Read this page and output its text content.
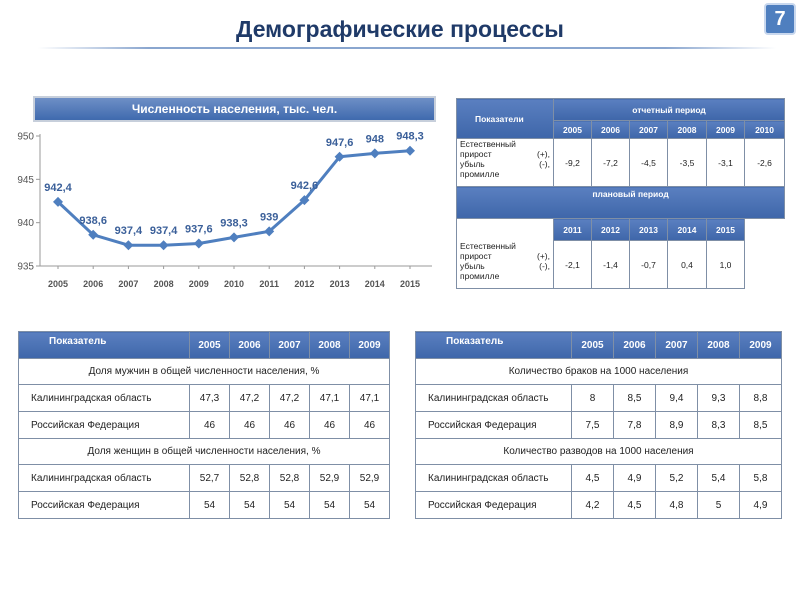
Демографические процессы	7
Численность населения, тыс. чел.
935
940
945
950
2005 2006 2007 2008 2009 2010 2011 2012 2013 2014 2015
942,4
938,6
937,4 937,4 937,6
938,3
939
942,6
947,6 948 948,3
Показатели	отчетный период					
	2005	2006	2007	2008	2009	2010

Естественный
прирост (+),
убыль (-),
промилле	-9,2	-7,2	-4,5	-3,5	-3,1	-2,6
плановый период						
	2011	2012	2013	2014	2015	

Естественный
прирост (+),
убыль (-),
промилле	-2,1	-1,4	-0,7	0,4	1,0	
Показатель	2005	2006	2007	2008	2009
Доля мужчин в общей численности населения, %					
Калининградская область	47,3	47,2	47,2	47,1	47,1
Российская Федерация	46	46	46	46	46
Доля женщин в общей численности населения, %					
Калининградская область	52,7	52,8	52,8	52,9	52,9
Российская Федерация	54	54	54	54	54
Показатель	2005	2006	2007	2008	2009
Количество браков на 1000 населения					
Калининградская область	8	8,5	9,4	9,3	8,8
Российская Федерация	7,5	7,8	8,9	8,3	8,5
Количество разводов на 1000 населения					
Калининградская область	4,5	4,9	5,2	5,4	5,8
Российская Федерация	4,2	4,5	4,8	5	4,9
